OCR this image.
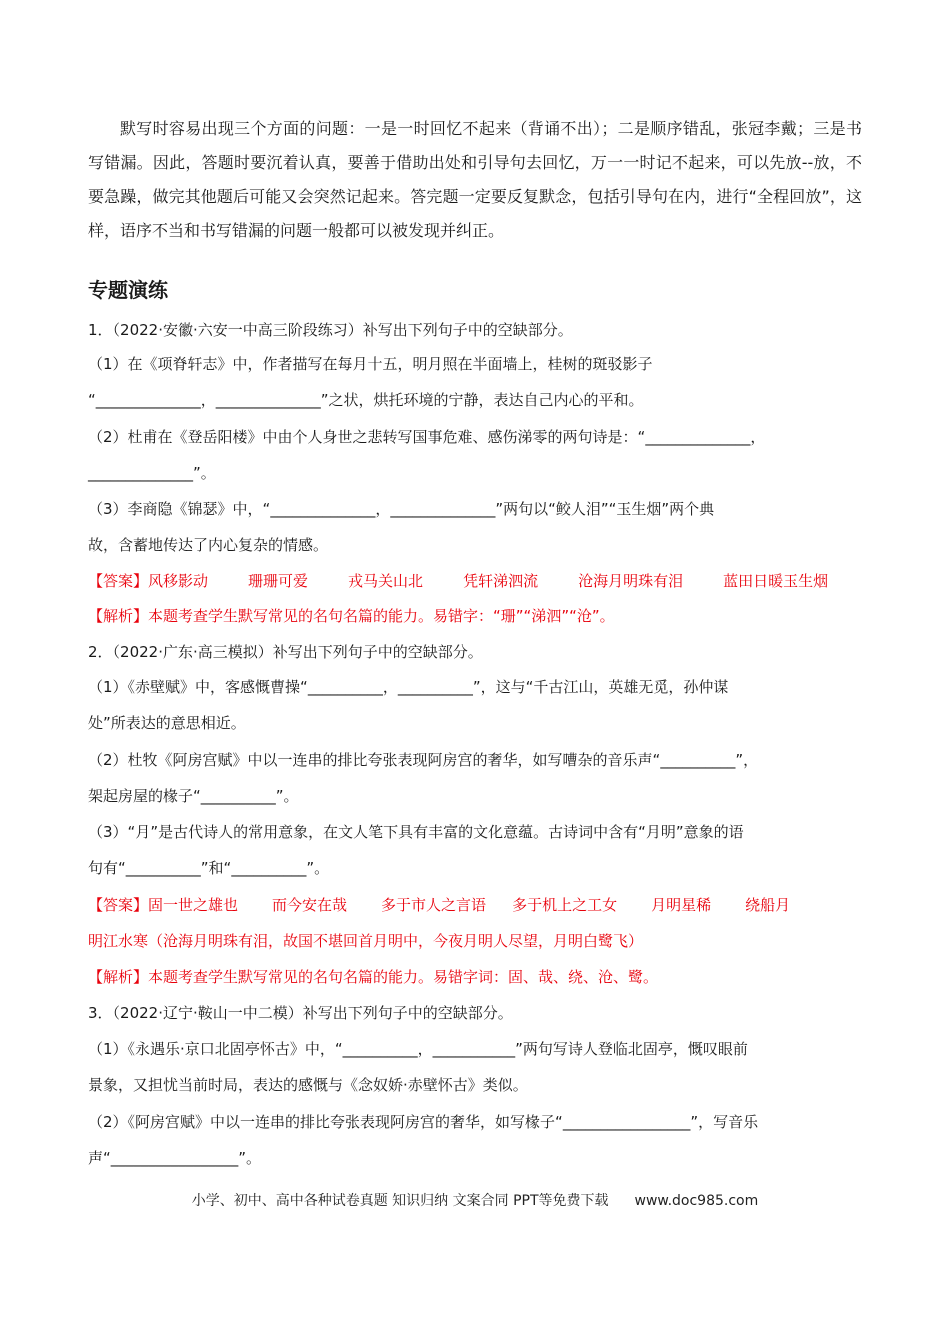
默写时容易出现三个方面的问题：一是一时回忆不起来（背诵不出）；二是顺序错乱，张冠李戴；三是书写错漏。因此，答题时要沉着认真，要善于借助出处和引导句去回忆，万一一时记不起来，可以先放--放，不要急躁，做完其他题后可能又会突然记起来。答完题一定要反复默念，包括引导句在内，进行“全程回放”，这样，语序不当和书写错漏的问题一般都可以被发现并纠正。
专题演练
1．（2022·安徽·六安一中高三阶段练习）补写出下列句子中的空缺部分。
（1）在《项脊轩志》中，作者描写在每月十五，明月照在半面墙上，桂树的斑驳影子
“______________，______________”之状，烘托环境的宁静，表达自己内心的平和。
（2）杜甫在《登岳阳楼》中由个人身世之悲转写国事危难、感伤涕零的两句诗是：“______________，
______________”。
（3）李商隐《锦瑟》中，“______________，______________”两句以“鲛人泪”“玉生烟”两个典
故，含蓄地传达了内心复杂的情感。
【答案】风移影动	珊珊可爱	戎马关山北	凭轩涕泗流	沧海月明珠有泪	蓝田日暖玉生烟
【解析】本题考查学生默写常见的名句名篇的能力。易错字：“珊”“涕泗”“沧”。
2．（2022·广东·高三模拟）补写出下列句子中的空缺部分。
（1）《赤壁赋》中，客感慨曹操“__________，__________”，这与“千古江山，英雄无觅，孙仲谋
处”所表达的意思相近。
（2）杜牧《阿房宫赋》中以一连串的排比夸张表现阿房宫的奢华，如写嘈杂的音乐声“__________”，
架起房屋的椽子“__________”。
（3）“月”是古代诗人的常用意象，在文人笔下具有丰富的文化意蕴。古诗词中含有“月明”意象的语
句有“__________”和“__________”。
【答案】固一世之雄也 而今安在哉 多于市人之言语 多于机上之工女 月明星稀 绕船月
明江水寒（沧海月明珠有泪，故国不堪回首月明中，今夜月明人尽望，月明白鹭飞）
【解析】本题考查学生默写常见的名句名篇的能力。易错字词：固、哉、绕、沧、鹭。
3．（2022·辽宁·鞍山一中二模）补写出下列句子中的空缺部分。
（1）《永遇乐·京口北固亭怀古》中，“__________，___________”两句写诗人登临北固亭，慨叹眼前
景象，又担忧当前时局，表达的感慨与《念奴娇·赤壁怀古》类似。
（2）《阿房宫赋》中以一连串的排比夸张表现阿房宫的奢华，如写椽子“_________________”，写音乐
声“_________________”。
小学、初中、高中各种试卷真题 知识归纳 文案合同 PPT等免费下载 www.doc985.com
